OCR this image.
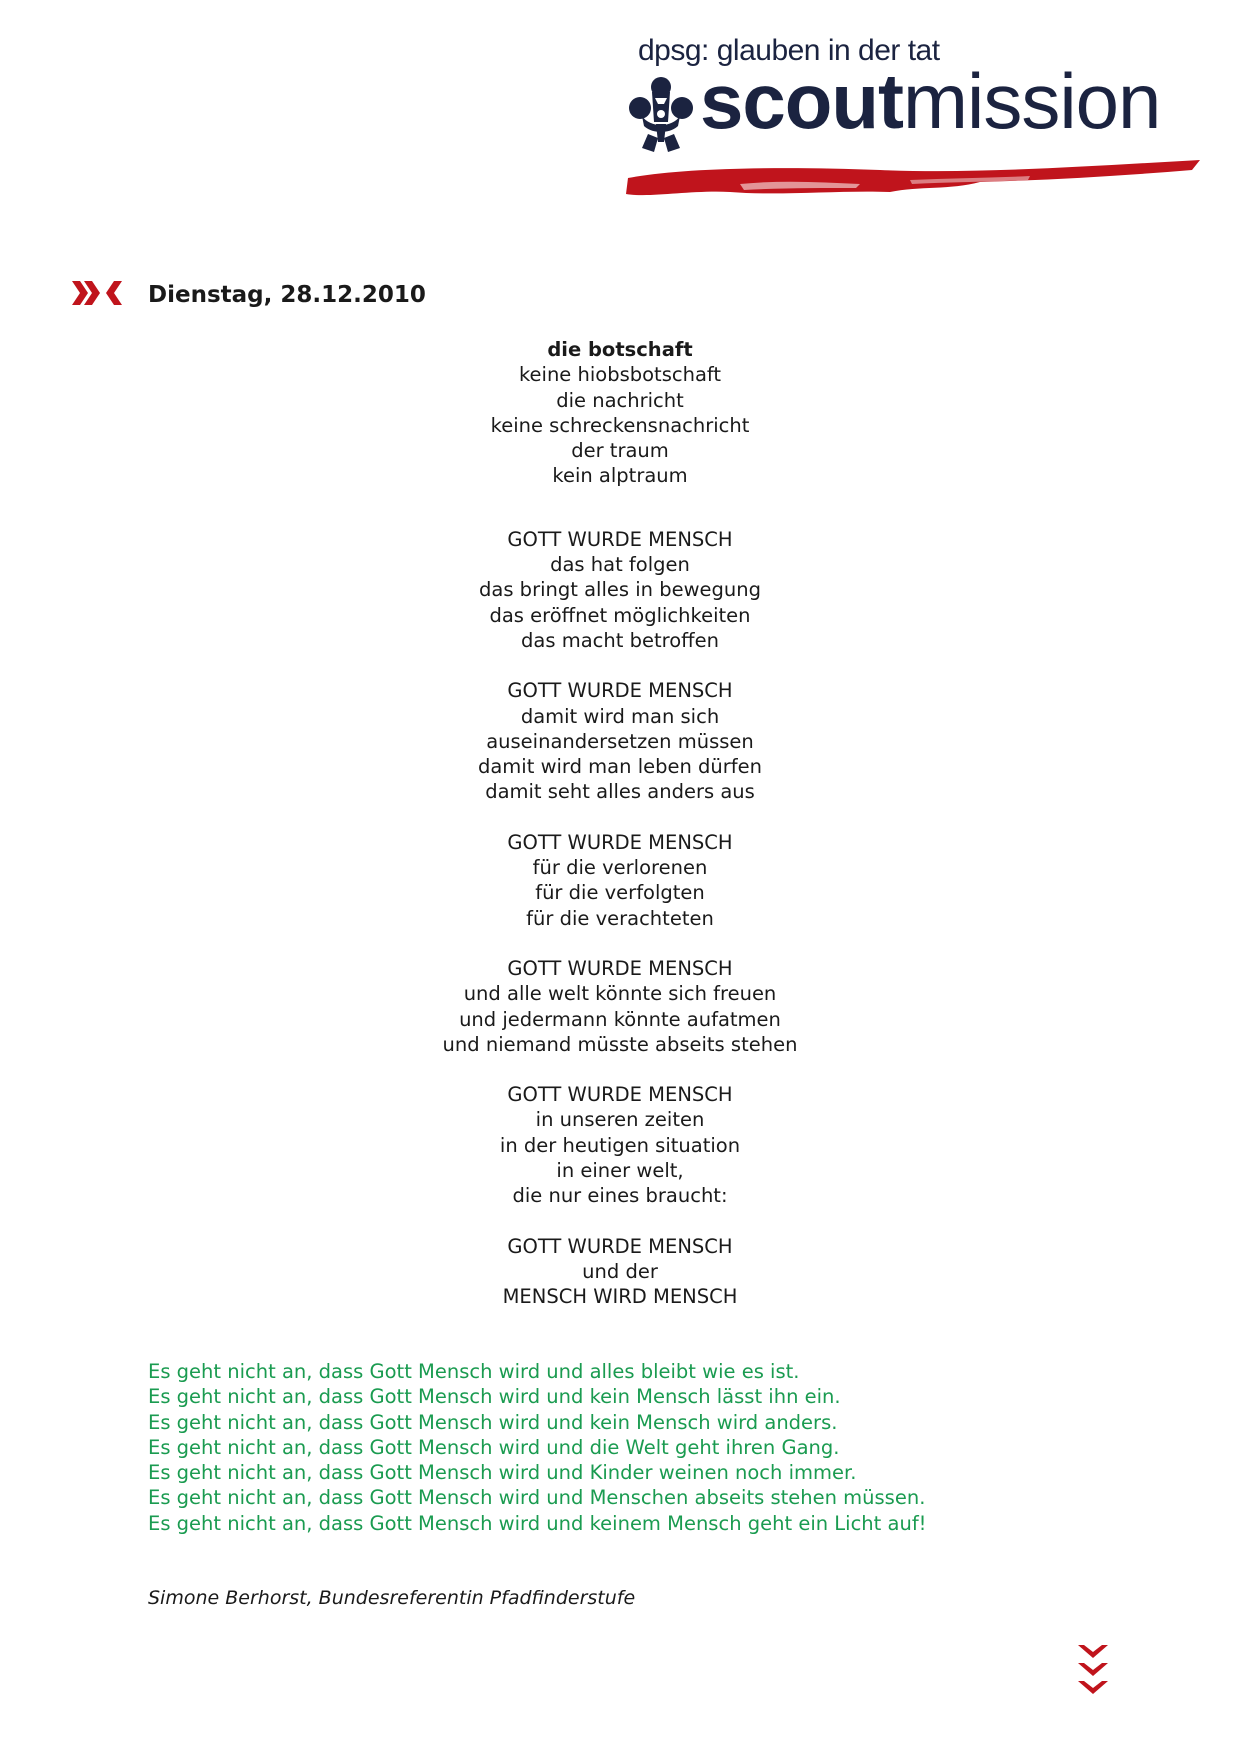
dpsg: glauben in der tat
scoutmission
Dienstag, 28.12.2010
die botschaft
keine hiobsbotschaft
die nachricht
keine schreckensnachricht
der traum
kein alptraum
GOTT WURDE MENSCH
das hat folgen
das bringt alles in bewegung
das eröffnet möglichkeiten
das macht betroffen
GOTT WURDE MENSCH
damit wird man sich
auseinandersetzen müssen
damit wird man leben dürfen
damit seht alles anders aus
GOTT WURDE MENSCH
für die verlorenen
für die verfolgten
für die verachteten
GOTT WURDE MENSCH
und alle welt könnte sich freuen
und jedermann könnte aufatmen
und niemand müsste abseits stehen
GOTT WURDE MENSCH
in unseren zeiten
in der heutigen situation
in einer welt,
die nur eines braucht:
GOTT WURDE MENSCH
und der
MENSCH WIRD MENSCH
Es geht nicht an, dass Gott Mensch wird und alles bleibt wie es ist.
Es geht nicht an, dass Gott Mensch wird und kein Mensch lässt ihn ein.
Es geht nicht an, dass Gott Mensch wird und kein Mensch wird anders.
Es geht nicht an, dass Gott Mensch wird und die Welt geht ihren Gang.
Es geht nicht an, dass Gott Mensch wird und Kinder weinen noch immer.
Es geht nicht an, dass Gott Mensch wird und Menschen abseits stehen müssen.
Es geht nicht an, dass Gott Mensch wird und keinem Mensch geht ein Licht auf!
Simone Berhorst, Bundesreferentin Pfadfinderstufe
